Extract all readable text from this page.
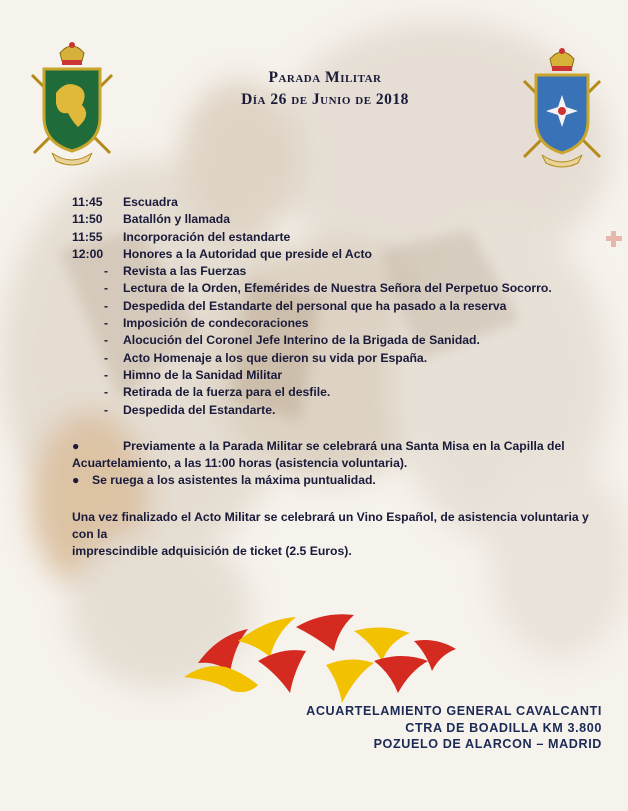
Parada Militar
Día 26 de Junio de 2018
11:45 Escuadra
11:50 Batallón y llamada
11:55 Incorporación del estandarte
12:00 Honores a la Autoridad que preside el Acto
- Revista a las Fuerzas
- Lectura de la Orden, Efemérides de Nuestra Señora del Perpetuo Socorro.
- Despedida del Estandarte del personal que ha pasado a la reserva
- Imposición de condecoraciones
- Alocución del Coronel Jefe Interino de la Brigada de Sanidad.
- Acto Homenaje a los que dieron su vida por España.
- Himno de la Sanidad Militar
- Retirada de la fuerza para el desfile.
- Despedida del Estandarte.
●	Previamente a la Parada Militar se celebrará una Santa Misa en la Capilla del
Acuartelamiento, a las 11:00 horas (asistencia voluntaria).
● Se ruega a los asistentes la máxima puntualidad.
Una vez finalizado el Acto Militar se celebrará un Vino Español, de asistencia voluntaria y con la
imprescindible adquisición de ticket (2.5 Euros).
ACUARTELAMIENTO GENERAL CAVALCANTI
CTRA DE BOADILLA KM 3.800
POZUELO DE ALARCON – MADRID
